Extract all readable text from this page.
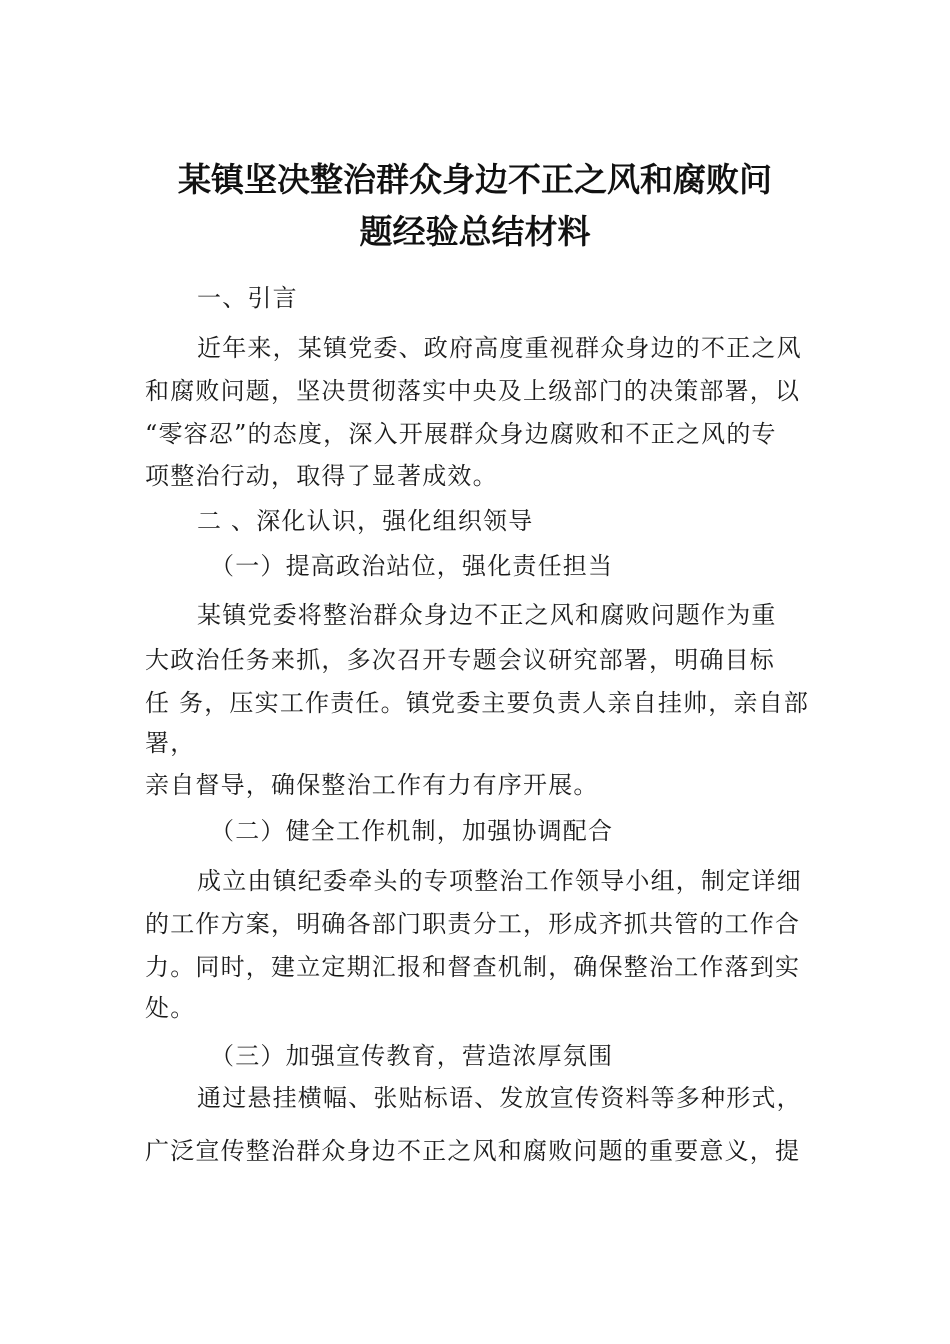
某镇坚决整治群众身边不正之风和腐败问
题经验总结材料
一、引言
近年来，某镇党委、政府高度重视群众身边的不正之风
和腐败问题，坚决贯彻落实中央及上级部门的决策部署，以
“零容忍”的态度，深入开展群众身边腐败和不正之风的专
项整治行动，取得了显著成效。
二 、深化认识，强化组织领导
（一）提高政治站位，强化责任担当
某镇党委将整治群众身边不正之风和腐败问题作为重
大政治任务来抓，多次召开专题会议研究部署，明确目标
任 务，压实工作责任。镇党委主要负责人亲自挂帅，亲自部
署，
亲自督导，确保整治工作有力有序开展。
（二）健全工作机制，加强协调配合
成立由镇纪委牵头的专项整治工作领导小组，制定详细
的工作方案，明确各部门职责分工，形成齐抓共管的工作合
力。同时，建立定期汇报和督查机制，确保整治工作落到实
处。
（三）加强宣传教育，营造浓厚氛围
通过悬挂横幅、张贴标语、发放宣传资料等多种形式，
广泛宣传整治群众身边不正之风和腐败问题的重要意义，提
